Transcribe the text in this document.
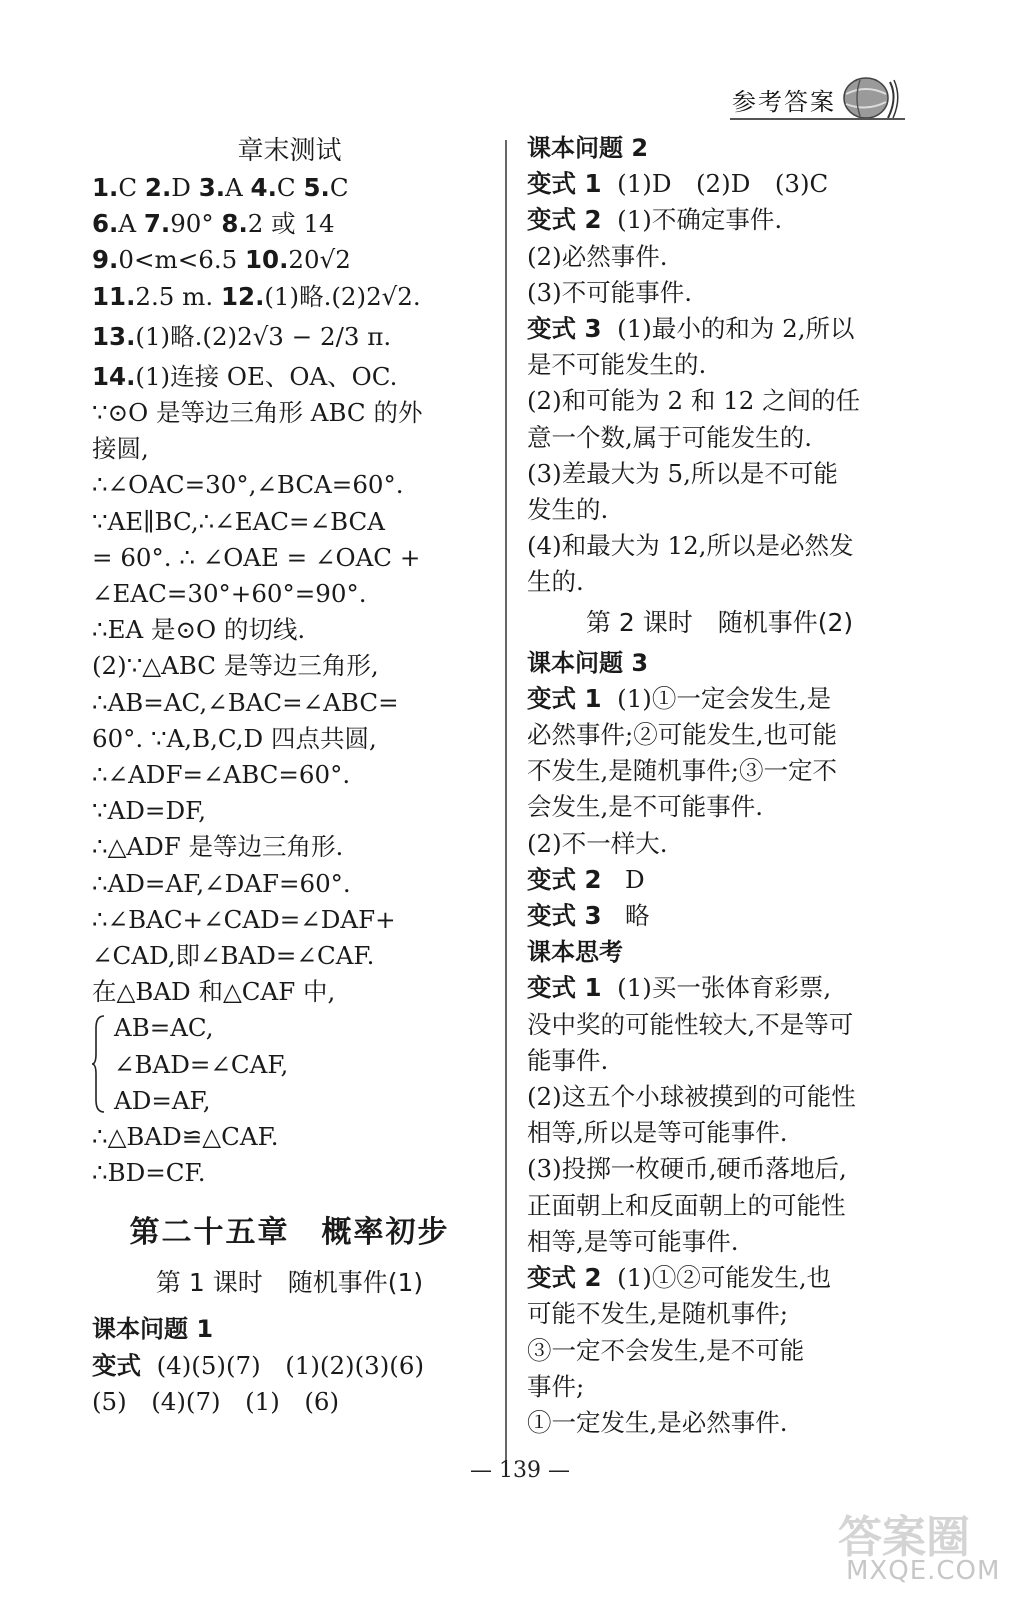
参考答案
章末测试
1.C 2.D 3.A 4.C 5.C
6.A 7.90° 8.2 或 14
9.0<m<6.5 10.20√2
11.2.5 m. 12.(1)略.(2)2√2.
13.(1)略.(2)2√3 − 2/3 π.
14.(1)连接 OE、OA、OC.
∵⊙O 是等边三角形 ABC 的外
接圆,
∴∠OAC=30°,∠BCA=60°.
∵AE∥BC,∴∠EAC=∠BCA
= 60°. ∴ ∠OAE = ∠OAC +
∠EAC=30°+60°=90°.
∴EA 是⊙O 的切线.
(2)∵△ABC 是等边三角形,
∴AB=AC,∠BAC=∠ABC=
60°. ∵A,B,C,D 四点共圆,
∴∠ADF=∠ABC=60°.
∵AD=DF,
∴△ADF 是等边三角形.
∴AD=AF,∠DAF=60°.
∴∠BAC+∠CAD=∠DAF+
∠CAD,即∠BAD=∠CAF.
在△BAD 和△CAF 中,
AB=AC,
∠BAD=∠CAF,
AD=AF,
∴△BAD≌△CAF.
∴BD=CF.
第二十五章　概率初步
第 1 课时　随机事件(1)
课本问题 1
变式 (4)(5)(7)　(1)(2)(3)(6)
(5)　(4)(7)　(1)　(6)
课本问题 2
变式 1 (1)D　(2)D　(3)C
变式 2 (1)不确定事件.
(2)必然事件.
(3)不可能事件.
变式 3 (1)最小的和为 2,所以
是不可能发生的.
(2)和可能为 2 和 12 之间的任
意一个数,属于可能发生的.
(3)差最大为 5,所以是不可能
发生的.
(4)和最大为 12,所以是必然发
生的.
第 2 课时　随机事件(2)
课本问题 3
变式 1 (1)①一定会发生,是
必然事件;②可能发生,也可能
不发生,是随机事件;③一定不
会发生,是不可能事件.
(2)不一样大.
变式 2 D
变式 3 略
课本思考
变式 1 (1)买一张体育彩票,
没中奖的可能性较大,不是等可
能事件.
(2)这五个小球被摸到的可能性
相等,所以是等可能事件.
(3)投掷一枚硬币,硬币落地后,
正面朝上和反面朝上的可能性
相等,是等可能事件.
变式 2 (1)①②可能发生,也
可能不发生,是随机事件;
③一定不会发生,是不可能
事件;
①一定发生,是必然事件.
— 139 —
答案圈
MXQE.COM
